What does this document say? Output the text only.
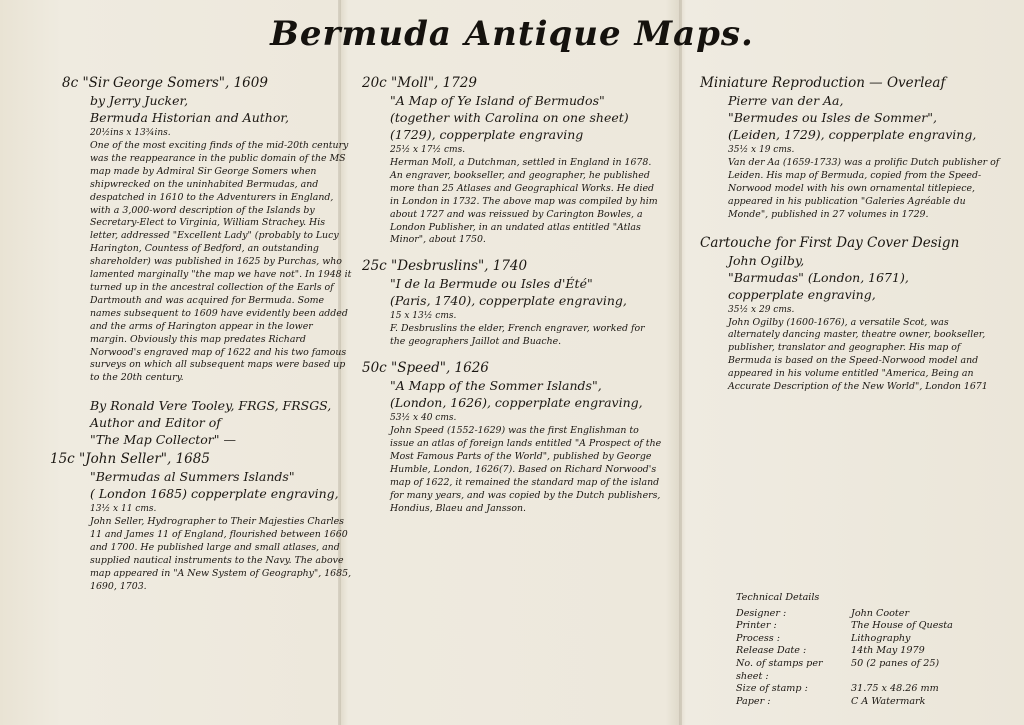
Bermuda Antique Maps.
8c "Sir George Somers", 1609
by Jerry Jucker,
Bermuda Historian and Author,
20½ins x 13¾ins.
One of the most exciting finds of the mid-20th century was the reappearance in the public domain of the MS map made by Admiral Sir George Somers when shipwrecked on the uninhabited Bermudas, and despatched in 1610 to the Adventurers in England, with a 3,000-word description of the Islands by Secretary-Elect to Virginia, William Strachey. His letter, addressed "Excellent Lady" (probably to Lucy Harington, Countess of Bedford, an outstanding shareholder) was published in 1625 by Purchas, who lamented marginally "the map we have not". In 1948 it turned up in the ancestral collection of the Earls of Dartmouth and was acquired for Bermuda. Some names subsequent to 1609 have evidently been added and the arms of Harington appear in the lower margin. Obviously this map predates Richard Norwood's engraved map of 1622 and his two famous surveys on which all subsequent maps were based up to the 20th century.
By Ronald Vere Tooley, FRGS, FRSGS,
Author and Editor of
"The Map Collector" —
15c "John Seller", 1685
"Bermudas al Summers Islands"
( London 1685) copperplate engraving,
13½ x 11 cms.
John Seller, Hydrographer to Their Majesties Charles 11 and James 11 of England, flourished between 1660 and 1700. He published large and small atlases, and supplied nautical instruments to the Navy. The above map appeared in "A New System of Geography", 1685, 1690, 1703.
20c "Moll", 1729
"A Map of Ye Island of Bermudos"
(together with Carolina on one sheet)
(1729), copperplate engraving
25½ x 17½ cms.
Herman Moll, a Dutchman, settled in England in 1678. An engraver, bookseller, and geographer, he published more than 25 Atlases and Geographical Works. He died in London in 1732. The above map was compiled by him about 1727 and was reissued by Carington Bowles, a London Publisher, in an undated atlas entitled "Atlas Minor", about 1750.
25c "Desbruslins", 1740
"I de la Bermude ou Isles d'Été"
(Paris, 1740), copperplate engraving,
15 x 13½ cms.
F. Desbruslins the elder, French engraver, worked for the geographers Jaillot and Buache.
50c "Speed", 1626
"A Mapp of the Sommer Islands",
(London, 1626), copperplate engraving,
53½ x 40 cms.
John Speed (1552-1629) was the first Englishman to issue an atlas of foreign lands entitled "A Prospect of the Most Famous Parts of the World", published by George Humble, London, 1626(7). Based on Richard Norwood's map of 1622, it remained the standard map of the island for many years, and was copied by the Dutch publishers, Hondius, Blaeu and Jansson.
Miniature Reproduction — Overleaf
Pierre van der Aa,
"Bermudes ou Isles de Sommer",
(Leiden, 1729), copperplate engraving,
35½ x 19 cms.
Van der Aa (1659-1733) was a prolific Dutch publisher of Leiden. His map of Bermuda, copied from the Speed-Norwood model with his own ornamental titlepiece, appeared in his publication "Galeries Agréable du Monde", published in 27 volumes in 1729.
Cartouche for First Day Cover Design
John Ogilby,
"Barmudas" (London, 1671),
copperplate engraving,
35½ x 29 cms.
John Ogilby (1600-1676), a versatile Scot, was alternately dancing master, theatre owner, bookseller, publisher, translator and geographer. His map of Bermuda is based on the Speed-Norwood model and appeared in his volume entitled "America, Being an Accurate Description of the New World", London 1671
Technical Details
Designer :	John Cooter
Printer :	The House of Questa
Process :	Lithography
Release Date :	14th May 1979
No. of stamps per sheet :
50 (2 panes of 25)
Size of stamp :	31.75 x 48.26 mm
Paper :	C A Watermark
